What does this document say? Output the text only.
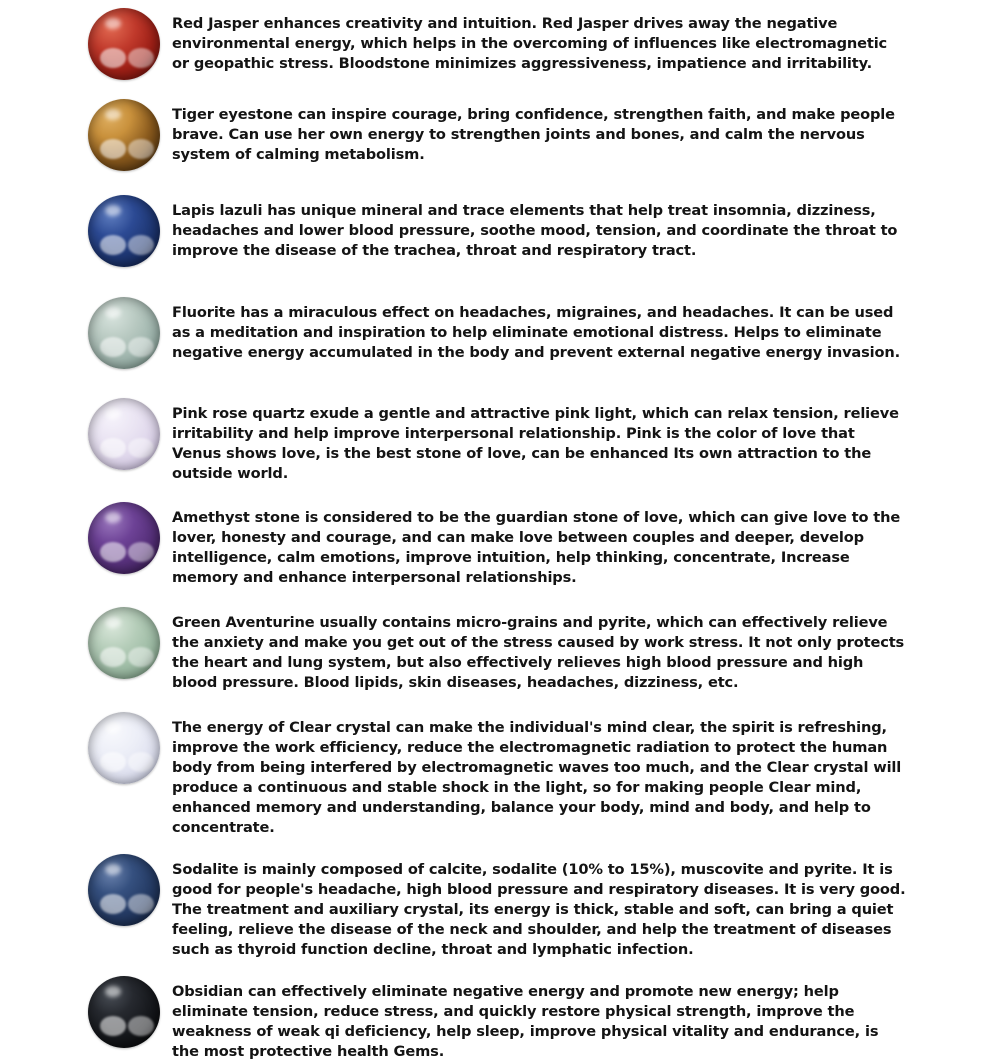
Red Jasper enhances creativity and intuition. Red Jasper drives away the negative environmental energy, which helps in the overcoming of influences like electromagnetic or geopathic stress. Bloodstone minimizes aggressiveness, impatience and irritability.

Tiger eyestone can inspire courage, bring confidence, strengthen faith, and make people brave. Can use her own energy to strengthen joints and bones, and calm the nervous system of calming metabolism.

Lapis lazuli has unique mineral and trace elements that help treat insomnia, dizziness, headaches and lower blood pressure, soothe mood, tension, and coordinate the throat to improve the disease of the trachea, throat and respiratory tract.

Fluorite has a miraculous effect on headaches, migraines, and headaches. It can be used as a meditation and inspiration to help eliminate emotional distress. Helps to eliminate negative energy accumulated in the body and prevent external negative energy invasion.

Pink rose quartz exude a gentle and attractive pink light, which can relax tension, relieve irritability and help improve interpersonal relationship. Pink is the color of love that Venus shows love, is the best stone of love, can be enhanced Its own attraction to the outside world.

Amethyst stone is considered to be the guardian stone of love, which can give love to the lover, honesty and courage, and can make love between couples and deeper, develop intelligence, calm emotions, improve intuition, help thinking, concentrate, Increase memory and enhance interpersonal relationships.

Green Aventurine usually contains micro-grains and pyrite, which can effectively relieve the anxiety and make you get out of the stress caused by work stress. It not only protects the heart and lung system, but also effectively relieves high blood pressure and high blood pressure. Blood lipids, skin diseases, headaches, dizziness, etc.

The energy of Clear crystal can make the individual's mind clear, the spirit is refreshing, improve the work efficiency, reduce the electromagnetic radiation to protect the human body from being interfered by electromagnetic waves too much, and the Clear crystal will produce a continuous and stable shock in the light, so for making people Clear mind, enhanced memory and understanding, balance your body, mind and body, and help to concentrate.

Sodalite is mainly composed of calcite, sodalite (10% to 15%), muscovite and pyrite. It is good for people's headache, high blood pressure and respiratory diseases. It is very good. The treatment and auxiliary crystal, its energy is thick, stable and soft, can bring a quiet feeling, relieve the disease of the neck and shoulder, and help the treatment of diseases such as thyroid function decline, throat and lymphatic infection.

Obsidian can effectively eliminate negative energy and promote new energy; help eliminate tension, reduce stress, and quickly restore physical strength, improve the weakness of weak qi deficiency, help sleep, improve physical vitality and endurance, is the most protective health Gems.
